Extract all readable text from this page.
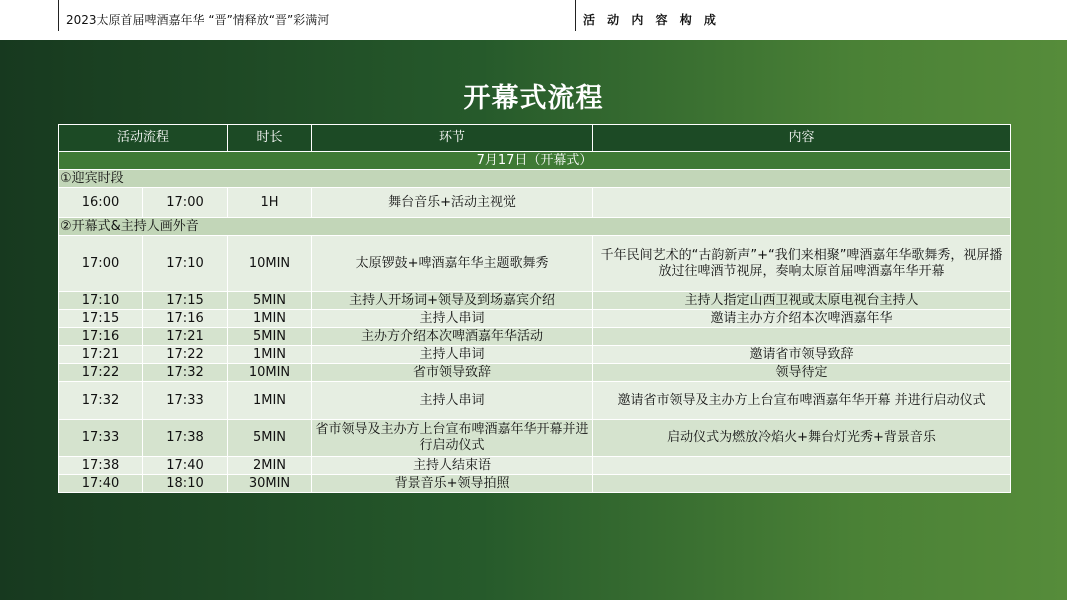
2023太原首届啤酒嘉年华 “晋”情释放“晋”彩满河	活 动 内 容 构 成
开幕式流程
活动流程		时长	环节	内容
7月17日（开幕式）				
①迎宾时段				
16:00	17:00	1H	舞台音乐+活动主视觉	
②开幕式&主持人画外音				
17:00	17:10	10MIN	太原锣鼓+啤酒嘉年华主题歌舞秀	千年民间艺术的“古韵新声”+“我们来相聚”啤酒嘉年华歌舞秀，视屏播放过往啤酒节视屏，奏响太原首届啤酒嘉年华开幕
17:10	17:15	5MIN	主持人开场词+领导及到场嘉宾介绍	主持人指定山西卫视或太原电视台主持人
17:15	17:16	1MIN	主持人串词	邀请主办方介绍本次啤酒嘉年华
17:16	17:21	5MIN	主办方介绍本次啤酒嘉年华活动	
17:21	17:22	1MIN	主持人串词	邀请省市领导致辞
17:22	17:32	10MIN	省市领导致辞	领导待定
17:32	17:33	1MIN	主持人串词	邀请省市领导及主办方上台宣布啤酒嘉年华开幕 并进行启动仪式
17:33	17:38	5MIN	省市领导及主办方上台宣布啤酒嘉年华开幕并进行启动仪式	启动仪式为燃放冷焰火+舞台灯光秀+背景音乐
17:38	17:40	2MIN	主持人结束语	
17:40	18:10	30MIN	背景音乐+领导拍照	
